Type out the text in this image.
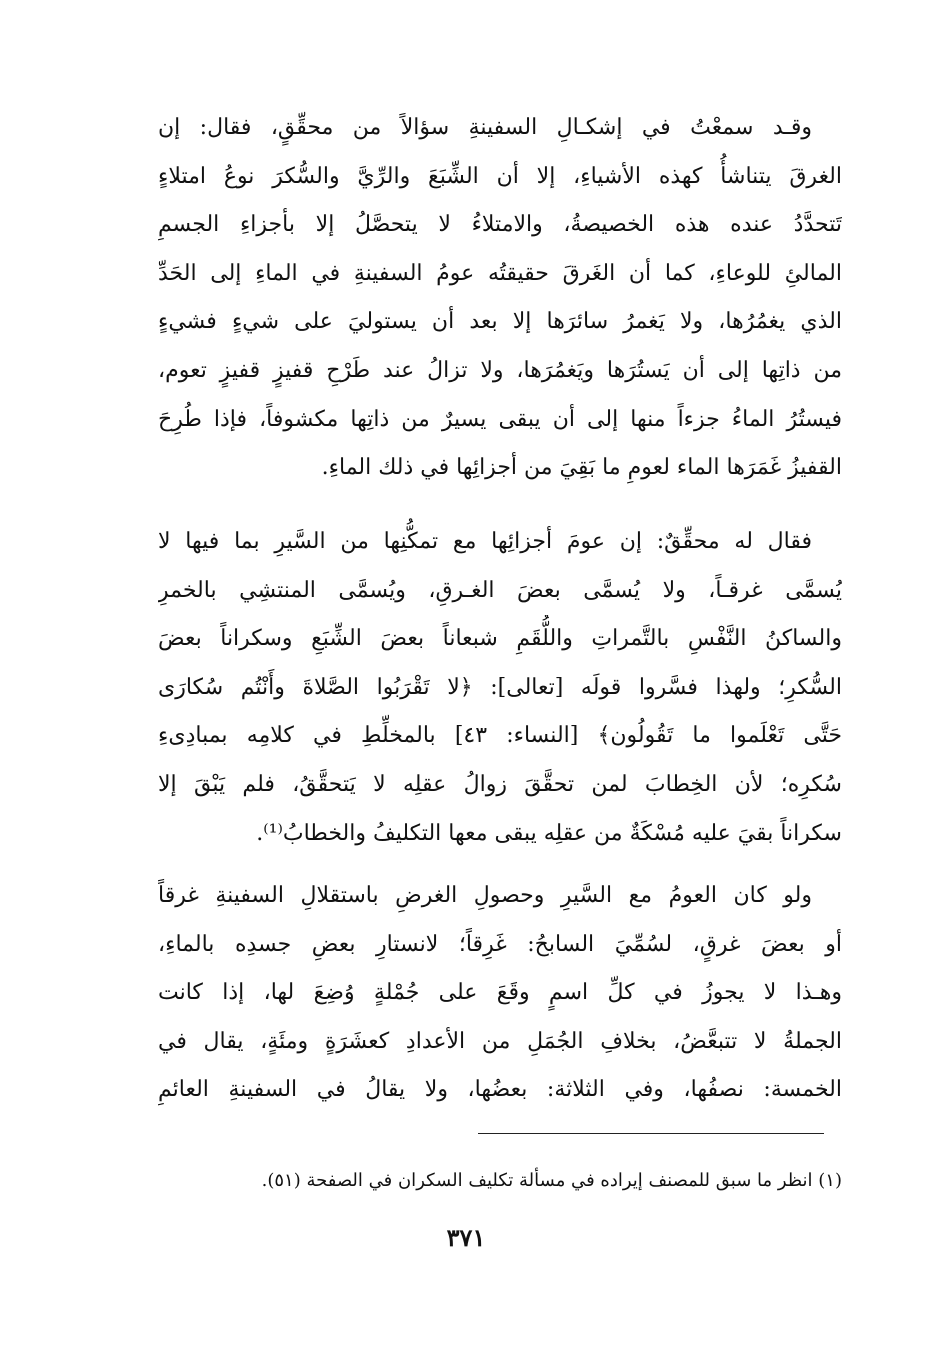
وقـد سمعْتُ في إشكـالِ السفينةِ سؤالاً من محقِّقٍ، فقال: إن
الغرقَ يتناشأُ كهذه الأشياءِ، إلا أن الشِّبَعَ والرِّيَّ والسُّكرَ نوعُ امتلاءٍ
تَتحدَّدُ عنده هذه الخصيصةُ، والامتلاءُ لا يتحصَّلُ إلا بأجزاءِ الجسمِ
المالئِ للوعاءِ، كما أن الغَرقَ حقيقتُه عومُ السفينةِ في الماءِ إلى الحَدِّ
الذي يغمُرُها، ولا يَغمرُ سائرَها إلا بعد أن يستوليَ على شيءٍ فشيءٍ
من ذاتِها إلى أن يَستُرَها ويَغمُرَها، ولا تزالُ عند طَرْحِ قفيزٍ قفيزٍ تعوم،
فيستُرُ الماءُ جزءاً منها إلى أن يبقى يسيرٌ من ذاتِها مكشوفاً، فإذا طُرِحَ
القفيزُ غَمَرَها الماء لعومِ ما بَقِيَ من أجزائِها في ذلك الماءِ.
فقال له محقِّقٌ: إن عومَ أجزائِها مع تمكُّنِها من السَّيرِ بما فيها لا
يُسمَّى غرقـاً، ولا يُسمَّى بعضَ الغـرقِ، ويُسمَّى المنتشِي بالخمرِ
والساكنُ النَّفْسِ بالتَّمراتِ واللُّقَمِ شبعاناً بعضَ الشِّبَعِ وسكراناً بعضَ
السُّكرِ؛ ولهذا فسَّروا قولَه [تعالى]: ﴿لا تَقْرَبُوا الصَّلاةَ وأَنْتُم سُكارَى
حَتَّى تَعْلَموا ما تَقُولُون﴾ [النساء: ٤٣] بالمخلِّطِ في كلامِه بمبادِىءِ
سُكرِه؛ لأن الخِطابَ لمن تحقَّقَ زوالُ عقلِه لا يَتحقَّقُ، فلم يَبْقَ إلا
سكراناً بقيَ عليه مُسْكَةٌ من عقلِه يبقى معها التكليفُ والخطابُ⁽¹⁾.
ولو كان العومُ مع السَّيرِ وحصولِ الغرضِ باستقلالِ السفينةِ غرقاً
أو بعضَ غرقٍ، لسُمِّيَ السابحُ: غَرِقاً؛ لانستارِ بعضِ جسدِه بالماءِ،
وهـذا لا يجوزُ في كلِّ اسمٍ وقَعَ على جُمْلةٍ وُضِعَ لها، إذا كانت
الجملةُ لا تتبعَّضُ، بخلافِ الجُمَلِ من الأعدادِ كعشَرَةٍ ومئَةٍ، يقال في
الخمسة: نصفُها، وفي الثلاثة: بعضُها، ولا يقالُ في السفينةِ العائمِ
(١) انظر ما سبق للمصنف إيراده في مسألة تكليف السكران في الصفحة (٥١).
٣٧١
